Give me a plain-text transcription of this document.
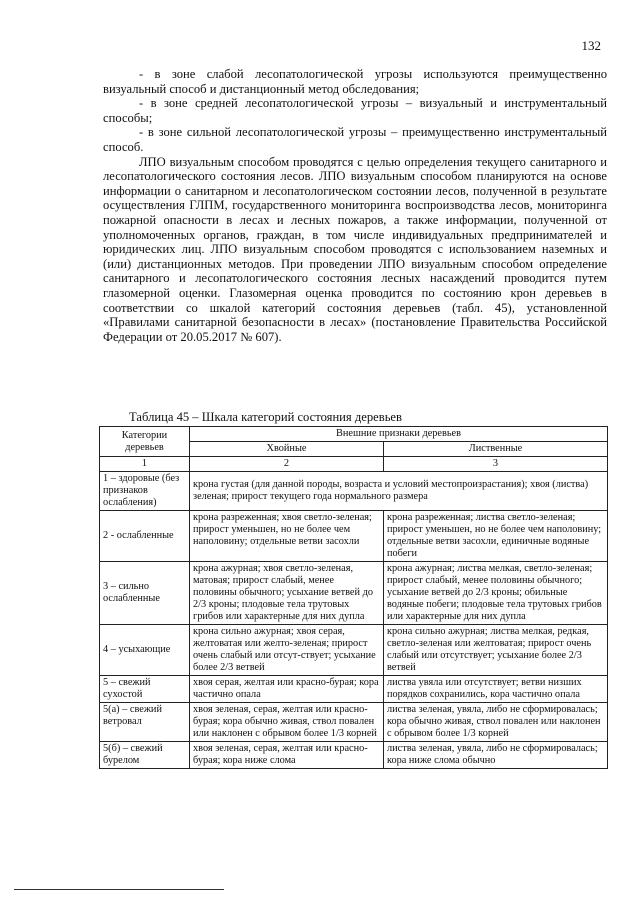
132

- в зоне слабой лесопатологической угрозы используются преимущественно визуальный способ и дистанционный метод обследования;

- в зоне средней лесопатологической угрозы – визуальный и инструментальный способы;

- в зоне сильной лесопатологической угрозы – преимущественно инструментальный способ.

ЛПО визуальным способом проводятся с целью определения текущего санитарного и лесопатологического состояния лесов. ЛПО визуальным способом планируются на основе информации о санитарном и лесопатологическом состоянии лесов, полученной в результате осуществления ГЛПМ, государственного мониторинга воспроизводства лесов, мониторинга пожарной опасности в лесах и лесных пожаров, а также информации, полученной от уполномоченных органов, граждан, в том числе индивидуальных предпринимателей и юридических лиц. ЛПО визуальным способом проводятся с использованием наземных и (или) дистанционных методов. При проведении ЛПО визуальным способом определение санитарного и лесопатологического состояния лесных насаждений проводится путем глазомерной оценки. Глазомерная оценка проводится по состоянию крон деревьев в соответствии со шкалой категорий состояния деревьев (табл. 45), установленной «Правилами санитарной безопасности в лесах» (постановление Правительства Российской Федерации от 20.05.2017 № 607).

Таблица 45 – Шкала категорий состояния деревьев
Категории деревьев	Внешние признаки деревьев	
	Хвойные	Лиственные
1	2	3
1 – здоровые (без признаков ослабления)	крона густая (для данной породы, возраста и условий местопроизрастания); хвоя (листва) зеленая; прирост текущего года нормального размера	
2 - ослабленные	крона разреженная; хвоя светло-зеленая; прирост уменьшен, но не более чем наполовину; отдельные ветви засохли	крона разреженная; листва светло-зеленая; прирост уменьшен, но не более чем наполовину; отдельные ветви засохли, единичные водяные побеги
3 – сильно ослабленные	крона ажурная; хвоя светло-зеленая, матовая; прирост слабый, менее половины обычного; усыхание ветвей до 2/3 кроны; плодовые тела трутовых грибов или характерные для них дупла	крона ажурная; листва мелкая, светло-зеленая; прирост слабый, менее половины обычного; усыхание ветвей до 2/3 кроны; обильные водяные побеги; плодовые тела трутовых грибов или характерные для них дупла
4 – усыхающие	крона сильно ажурная; хвоя серая, желтоватая или желто-зеленая; прирост очень слабый или отсут-ствует; усыхание более 2/3 ветвей	крона сильно ажурная; листва мелкая, редкая, светло-зеленая или желтоватая; прирост очень слабый или отсутствует; усыхание более 2/3 ветвей
5 – свежий сухостой	хвоя серая, желтая или красно-бурая; кора частично опала	листва увяла или отсутствует; ветви низших порядков сохранились, кора частично опала
5(а) – свежий ветровал	хвоя зеленая, серая, желтая или красно-бурая; кора обычно живая, ствол повален или наклонен с обрывом более 1/3 корней	листва зеленая, увяла, либо не сформировалась; кора обычно живая, ствол повален или наклонен с обрывом более 1/3 корней
5(б) – свежий бурелом	хвоя зеленая, серая, желтая или красно-бурая; кора ниже слома	листва зеленая, увяла, либо не сформировалась; кора ниже слома обычно
